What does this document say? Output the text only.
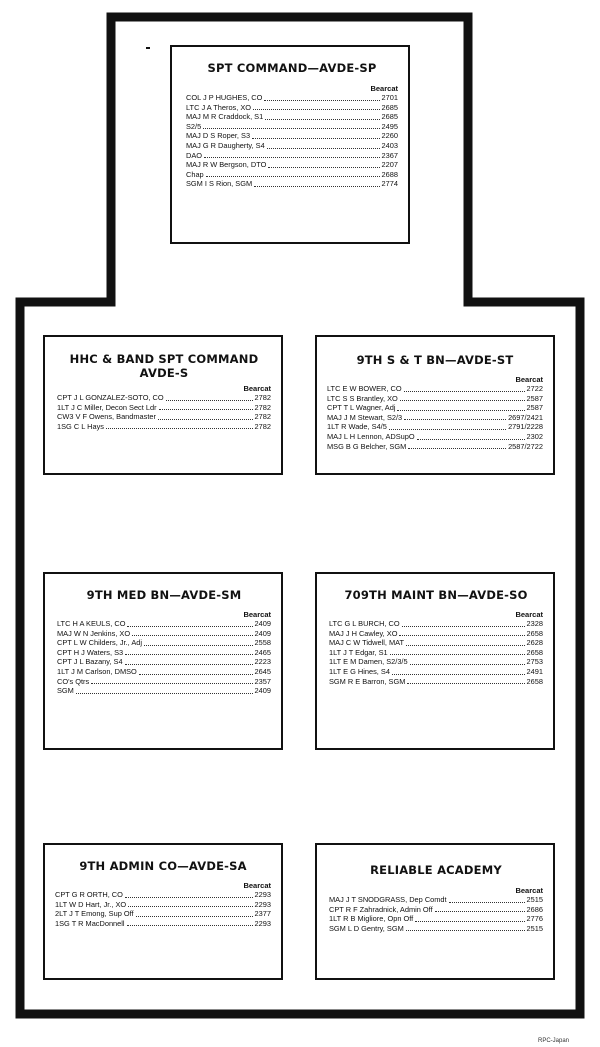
SPT COMMAND—AVDE-SP
Bearcat
COL J P HUGHES, CO	2701
LTC J A Theros, XO	2685
MAJ M R Craddock, S1	2685
S2/5	2495
MAJ D S Roper, S3	2260
MAJ G R Daugherty, S4	2403
DAO	2367
MAJ R W Bergson, DTO	2207
Chap	2688
SGM I S Rion, SGM	2774
HHC & BAND SPT COMMAND
AVDE-S
Bearcat
CPT J L GONZALEZ-SOTO, CO	2782
1LT J C Miller, Decon Sect Ldr	2782
CW3 V F Owens, Bandmaster	2782
1SG C L Hays	2782
9TH S & T BN—AVDE-ST
Bearcat
LTC E W BOWER, CO	2722
LTC S S Brantley, XO	2587
CPT T L Wagner, Adj	2587
MAJ J M Stewart, S2/3	2697/2421
1LT R Wade, S4/5	2791/2228
MAJ L H Lennon, ADSupO	2302
MSG B G Belcher, SGM	2587/2722
9TH MED BN—AVDE-SM
Bearcat
LTC H A KEULS, CO	2409
MAJ W N Jenkins, XO	2409
CPT L W Childers, Jr., Adj	2558
CPT H J Waters, S3	2465
CPT J L Bazany, S4	2223
1LT J M Carlson, DMSO	2645
CO's Qtrs	2357
SGM	2409
709TH MAINT BN—AVDE-SO
Bearcat
LTC G L BURCH, CO	2328
MAJ J H Cawley, XO	2658
MAJ C W Tidwell, MAT	2628
1LT J T Edgar, S1	2658
1LT E M Damen, S2/3/5	2753
1LT E G Hines, S4	2491
SGM R E Barron, SGM	2658
9TH ADMIN CO—AVDE-SA
Bearcat
CPT G R ORTH, CO	2293
1LT W D Hart, Jr., XO	2293
2LT J T Emong, Sup Off	2377
1SG T R MacDonnell	2293
RELIABLE ACADEMY
Bearcat
MAJ J T SNODGRASS, Dep Comdt	2515
CPT R F Zahradnick, Admin Off	2686
1LT R B Migliore, Opn Off	2776
SGM L D Gentry, SGM	2515
RPC-Japan
